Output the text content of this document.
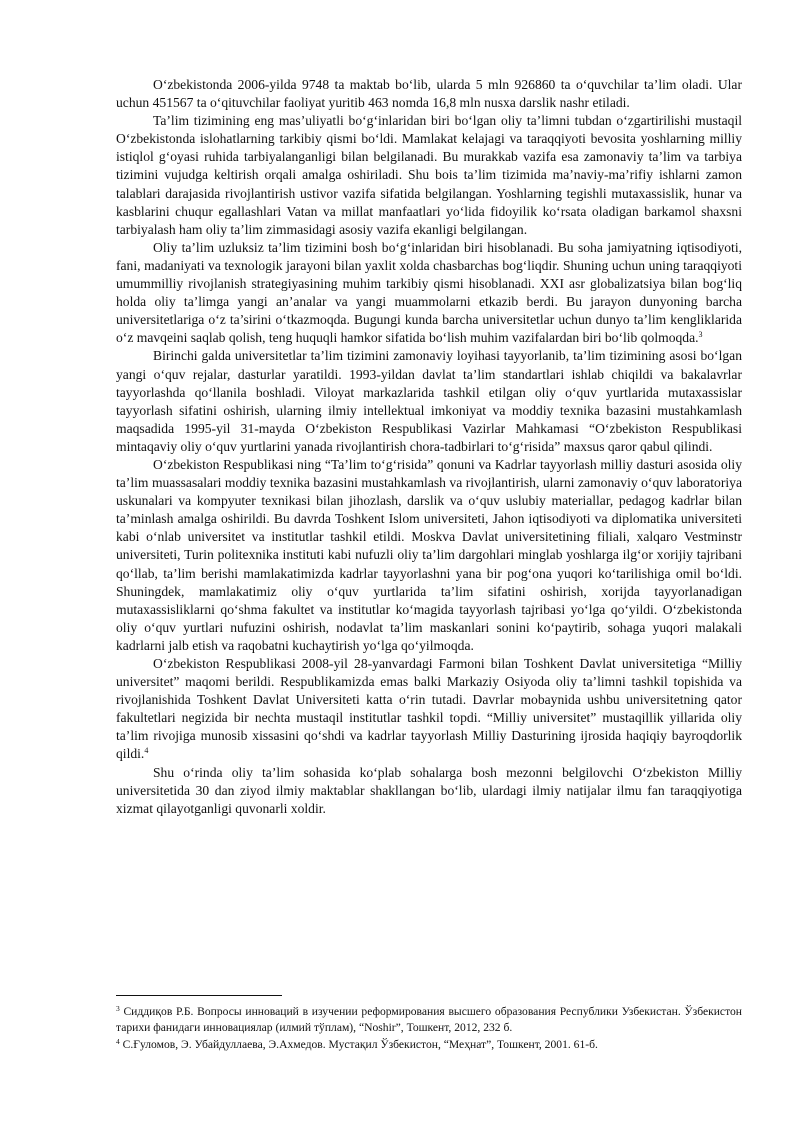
O‘zbekistonda 2006-yilda 9748 ta maktab bo‘lib, ularda 5 mln 926860 ta o‘quvchilar ta’lim oladi. Ular uchun 451567 ta o‘qituvchilar faoliyat yuritib 463 nomda 16,8 mln nusxa darslik nashr etiladi.

Ta’lim tizimining eng mas’uliyatli bo‘g‘inlaridan biri bo‘lgan oliy ta’limni tubdan o‘zgartirilishi mustaqil O‘zbekistonda islohatlarning tarkibiy qismi bo‘ldi. Mamlakat kelajagi va taraqqiyoti bevosita yoshlarning milliy istiqlol g‘oyasi ruhida tarbiyalanganligi bilan belgilanadi. Bu murakkab vazifa esa zamonaviy ta’lim va tarbiya tizimini vujudga keltirish orqali amalga oshiriladi. Shu bois ta’lim tizimida ma’naviy-ma’rifiy ishlarni zamon talablari darajasida rivojlantirish ustivor vazifa sifatida belgilangan. Yoshlarning tegishli mutaxassislik, hunar va kasblarini chuqur egallashlari Vatan va millat manfaatlari yo‘lida fidoyilik ko‘rsata oladigan barkamol shaxsni tarbiyalash ham oliy ta’lim zimmasidagi asosiy vazifa ekanligi belgilangan.

Oliy ta’lim uzluksiz ta’lim tizimini bosh bo‘g‘inlaridan biri hisoblanadi. Bu soha jamiyatning iqtisodiyoti, fani, madaniyati va texnologik jarayoni bilan yaxlit xolda chasbarchas bog‘liqdir. Shuning uchun uning taraqqiyoti umummilliy rivojlanish strategiyasining muhim tarkibiy qismi hisoblanadi. XXI asr globalizatsiya bilan bog‘liq holda oliy ta’limga yangi an’analar va yangi muammolarni etkazib berdi. Bu jarayon dunyoning barcha universitetlariga o‘z ta’sirini o‘tkazmoqda. Bugungi kunda barcha universitetlar uchun dunyo ta’lim kengliklarida o‘z mavqeini saqlab qolish, teng huquqli hamkor sifatida bo‘lish muhim vazifalardan biri bo‘lib qolmoqda.$^3$

Birinchi galda universitetlar ta’lim tizimini zamonaviy loyihasi tayyorlanib, ta’lim tizimining asosi bo‘lgan yangi o‘quv rejalar, dasturlar yaratildi. 1993-yildan davlat ta’lim standartlari ishlab chiqildi va bakalavrlar tayyorlashda qo‘llanila boshladi. Viloyat markazlarida tashkil etilgan oliy o‘quv yurtlarida mutaxassislar tayyorlash sifatini oshirish, ularning ilmiy intellektual imkoniyat va moddiy texnika bazasini mustahkamlash maqsadida 1995-yil 31-mayda O‘zbekiston Respublikasi Vazirlar Mahkamasi “O‘zbekiston Respublikasi mintaqaviy oliy o‘quv yurtlarini yanada rivojlantirish chora-tadbirlari to‘g‘risida” maxsus qaror qabul qilindi.

O‘zbekiston Respublikasi ning “Ta’lim to‘g‘risida” qonuni va Kadrlar tayyorlash milliy dasturi asosida oliy ta’lim muassasalari moddiy texnika bazasini mustahkamlash va rivojlantirish, ularni zamonaviy o‘quv laboratoriya uskunalari va kompyuter texnikasi bilan jihozlash, darslik va o‘quv uslubiy materiallar, pedagog kadrlar bilan ta’minlash amalga oshirildi. Bu davrda Toshkent Islom universiteti, Jahon iqtisodiyoti va diplomatika universiteti kabi o‘nlab universitet va institutlar tashkil etildi. Moskva Davlat universitetining filiali, xalqaro Vestminstr universiteti, Turin politexnika instituti kabi nufuzli oliy ta’lim dargohlari minglab yoshlarga ilg‘or xorijiy tajribani qo‘llab, ta’lim berishi mamlakatimizda kadrlar tayyorlashni yana bir pog‘ona yuqori ko‘tarilishiga omil bo‘ldi. Shuningdek, mamlakatimiz oliy o‘quv yurtlarida ta’lim sifatini oshirish, xorijda tayyorlanadigan mutaxassisliklarni qo‘shma fakultet va institutlar ko‘magida tayyorlash tajribasi yo‘lga qo‘yildi. O‘zbekistonda oliy o‘quv yurtlari nufuzini oshirish, nodavlat ta’lim maskanlari sonini ko‘paytirib, sohaga yuqori malakali kadrlarni jalb etish va raqobatni kuchaytirish yo‘lga qo‘yilmoqda.

O‘zbekiston Respublikasi 2008-yil 28-yanvardagi Farmoni bilan Toshkent Davlat universitetiga “Milliy universitet” maqomi berildi. Respublikamizda emas balki Markaziy Osiyoda oliy ta’limni tashkil topishida va rivojlanishida Toshkent Davlat Universiteti katta o‘rin tutadi. Davrlar mobaynida ushbu universitetning qator fakultetlari negizida bir nechta mustaqil institutlar tashkil topdi. “Milliy universitet” mustaqillik yillarida oliy ta’lim rivojiga munosib xissasini qo‘shdi va kadrlar tayyorlash Milliy Dasturining ijrosida haqiqiy bayroqdorlik qildi.$^4$

Shu o‘rinda oliy ta’lim sohasida ko‘plab sohalarga bosh mezonni belgilovchi O‘zbekiston Milliy universitetida 30 dan ziyod ilmiy maktablar shakllangan bo‘lib, ulardagi ilmiy natijalar ilmu fan taraqqiyotiga xizmat qilayotganligi quvonarli xoldir.

$^3$ Сиддиқов Р.Б. Вопросы инноваций в изучении реформирования высшего образования Республики Узбекистан. Ўзбекистон тарихи фанидаги инновациялар (илмий тўплам), “Noshir”, Тошкент, 2012, 232 б.

$^4$ С.Ғуломов, Э. Убайдуллаева, Э.Ахмедов. Мустақил Ўзбекистон, “Меҳнат”, Тошкент, 2001. 61-б.
